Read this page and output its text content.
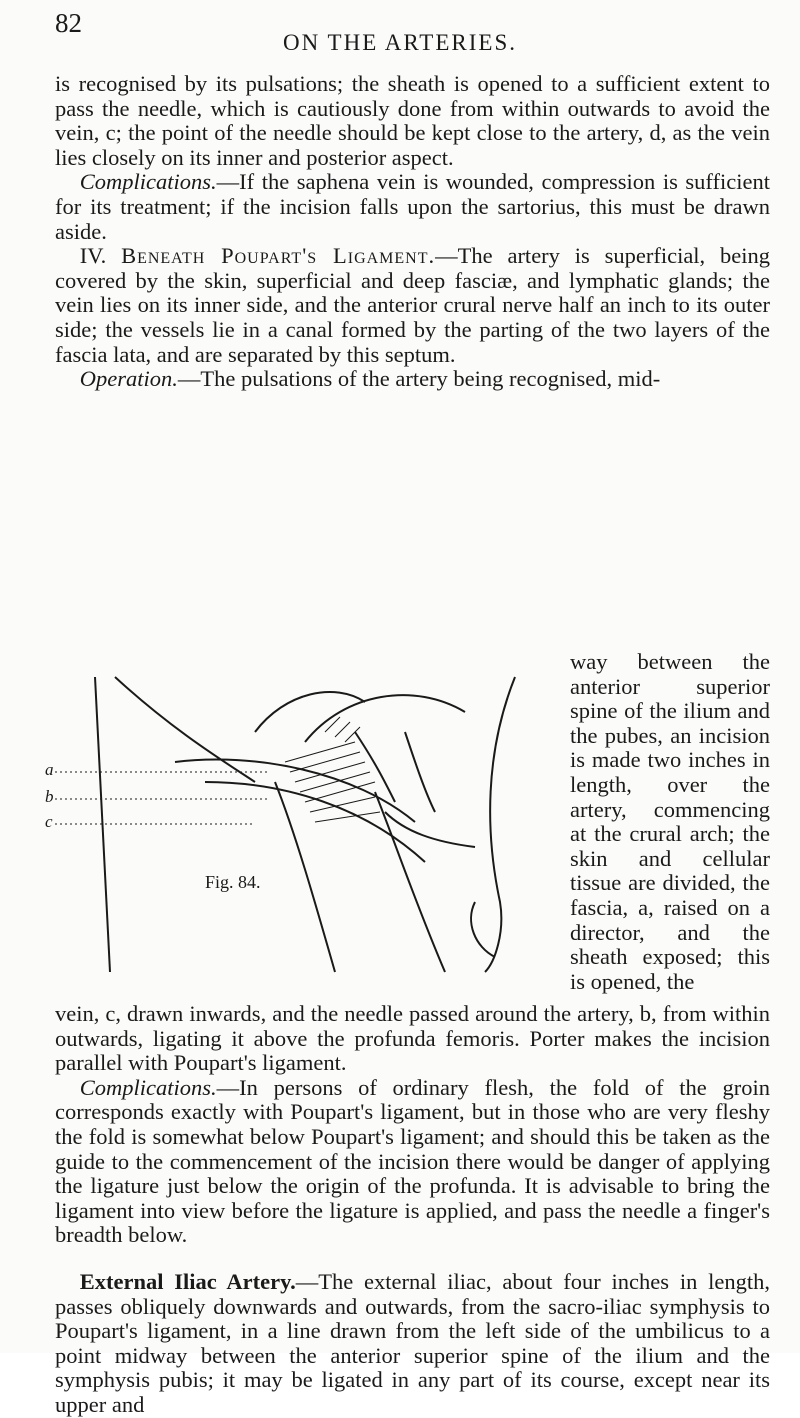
82
ON THE ARTERIES.

is recognised by its pulsations; the sheath is opened to a sufficient extent to pass the needle, which is cautiously done from within outwards to avoid the vein, c; the point of the needle should be kept close to the artery, d, as the vein lies closely on its inner and posterior aspect.

Complications.—If the saphena vein is wounded, compression is sufficient for its treatment; if the incision falls upon the sartorius, this must be drawn aside.

IV. Beneath Poupart's Ligament.—The artery is superficial, being covered by the skin, superficial and deep fasciæ, and lymphatic glands; the vein lies on its inner side, and the anterior crural nerve half an inch to its outer side; the vessels lie in a canal formed by the parting of the two layers of the fascia lata, and are separated by this septum.

Operation.—The pulsations of the artery being recognised, mid-

way between the anterior superior spine of the ilium and the pubes, an incision is made two inches in length, over the artery, commencing at the crural arch; the skin and cellular tissue are divided, the fascia, a, raised on a director, and the sheath exposed; this is opened, the
a
b
c
Fig. 84.

vein, c, drawn inwards, and the needle passed around the artery, b, from within outwards, ligating it above the profunda femoris. Porter makes the incision parallel with Poupart's ligament.

Complications.—In persons of ordinary flesh, the fold of the groin corresponds exactly with Poupart's ligament, but in those who are very fleshy the fold is somewhat below Poupart's ligament; and should this be taken as the guide to the commencement of the incision there would be danger of applying the ligature just below the origin of the profunda. It is advisable to bring the ligament into view before the ligature is applied, and pass the needle a finger's breadth below.

External Iliac Artery.—The external iliac, about four inches in length, passes obliquely downwards and outwards, from the sacro-iliac symphysis to Poupart's ligament, in a line drawn from the left side of the umbilicus to a point midway between the anterior superior spine of the ilium and the symphysis pubis; it may be ligated in any part of its course, except near its upper and
